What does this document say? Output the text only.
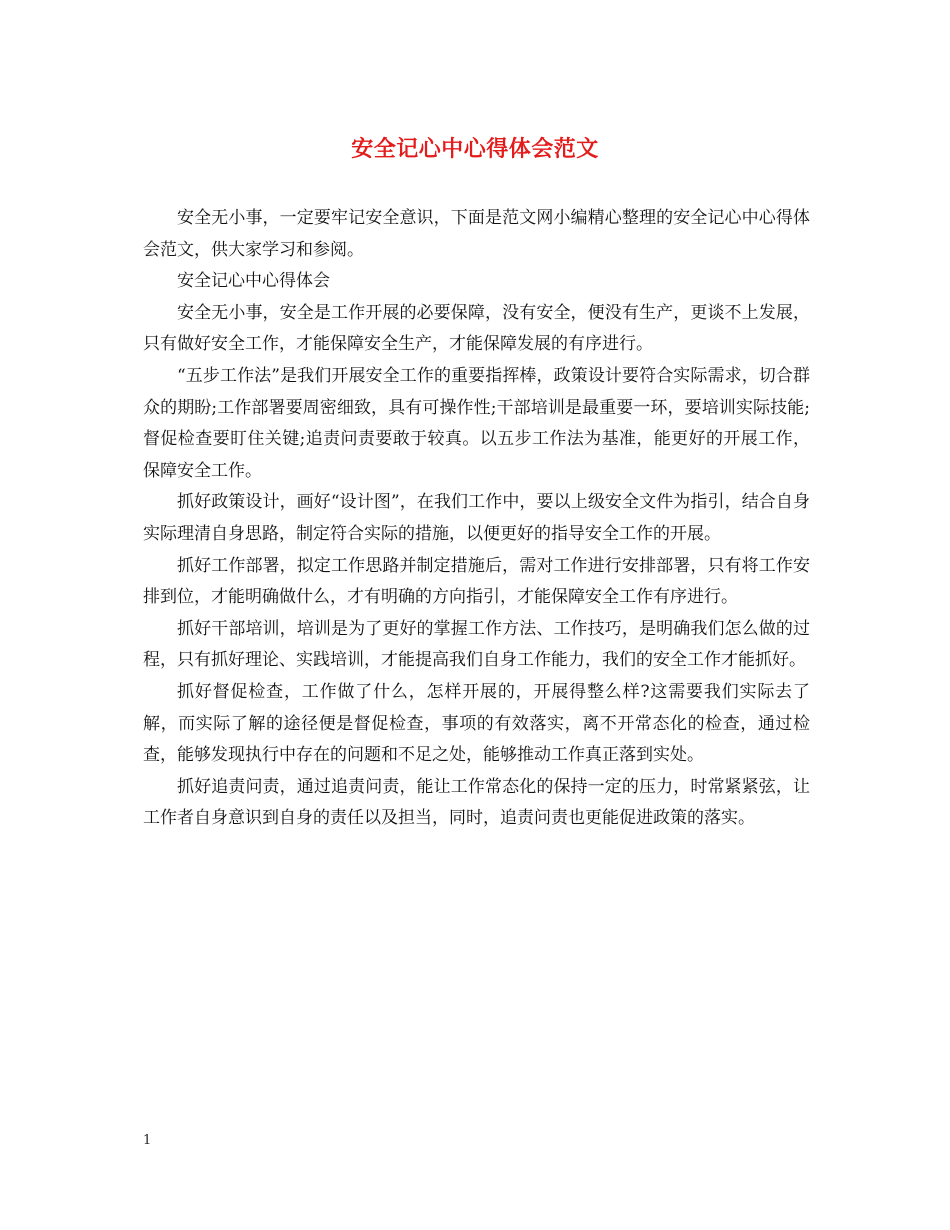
安全记心中心得体会范文

安全无小事，一定要牢记安全意识，下面是范文网小编精心整理的安全记心中心得体会范文，供大家学习和参阅。

安全记心中心得体会

安全无小事，安全是工作开展的必要保障，没有安全，便没有生产，更谈不上发展，只有做好安全工作，才能保障安全生产，才能保障发展的有序进行。

“五步工作法”是我们开展安全工作的重要指挥棒，政策设计要符合实际需求，切合群众的期盼;工作部署要周密细致，具有可操作性;干部培训是最重要一环，要培训实际技能;督促检查要盯住关键;追责问责要敢于较真。以五步工作法为基准，能更好的开展工作，保障安全工作。

抓好政策设计，画好“设计图”，在我们工作中，要以上级安全文件为指引，结合自身实际理清自身思路，制定符合实际的措施，以便更好的指导安全工作的开展。

抓好工作部署，拟定工作思路并制定措施后，需对工作进行安排部署，只有将工作安排到位，才能明确做什么，才有明确的方向指引，才能保障安全工作有序进行。

抓好干部培训，培训是为了更好的掌握工作方法、工作技巧，是明确我们怎么做的过程，只有抓好理论、实践培训，才能提高我们自身工作能力，我们的安全工作才能抓好。

抓好督促检查，工作做了什么，怎样开展的，开展得整么样?这需要我们实际去了解，而实际了解的途径便是督促检查，事项的有效落实，离不开常态化的检查，通过检查，能够发现执行中存在的问题和不足之处，能够推动工作真正落到实处。

抓好追责问责，通过追责问责，能让工作常态化的保持一定的压力，时常紧紧弦，让工作者自身意识到自身的责任以及担当，同时，追责问责也更能促进政策的落实。

1
